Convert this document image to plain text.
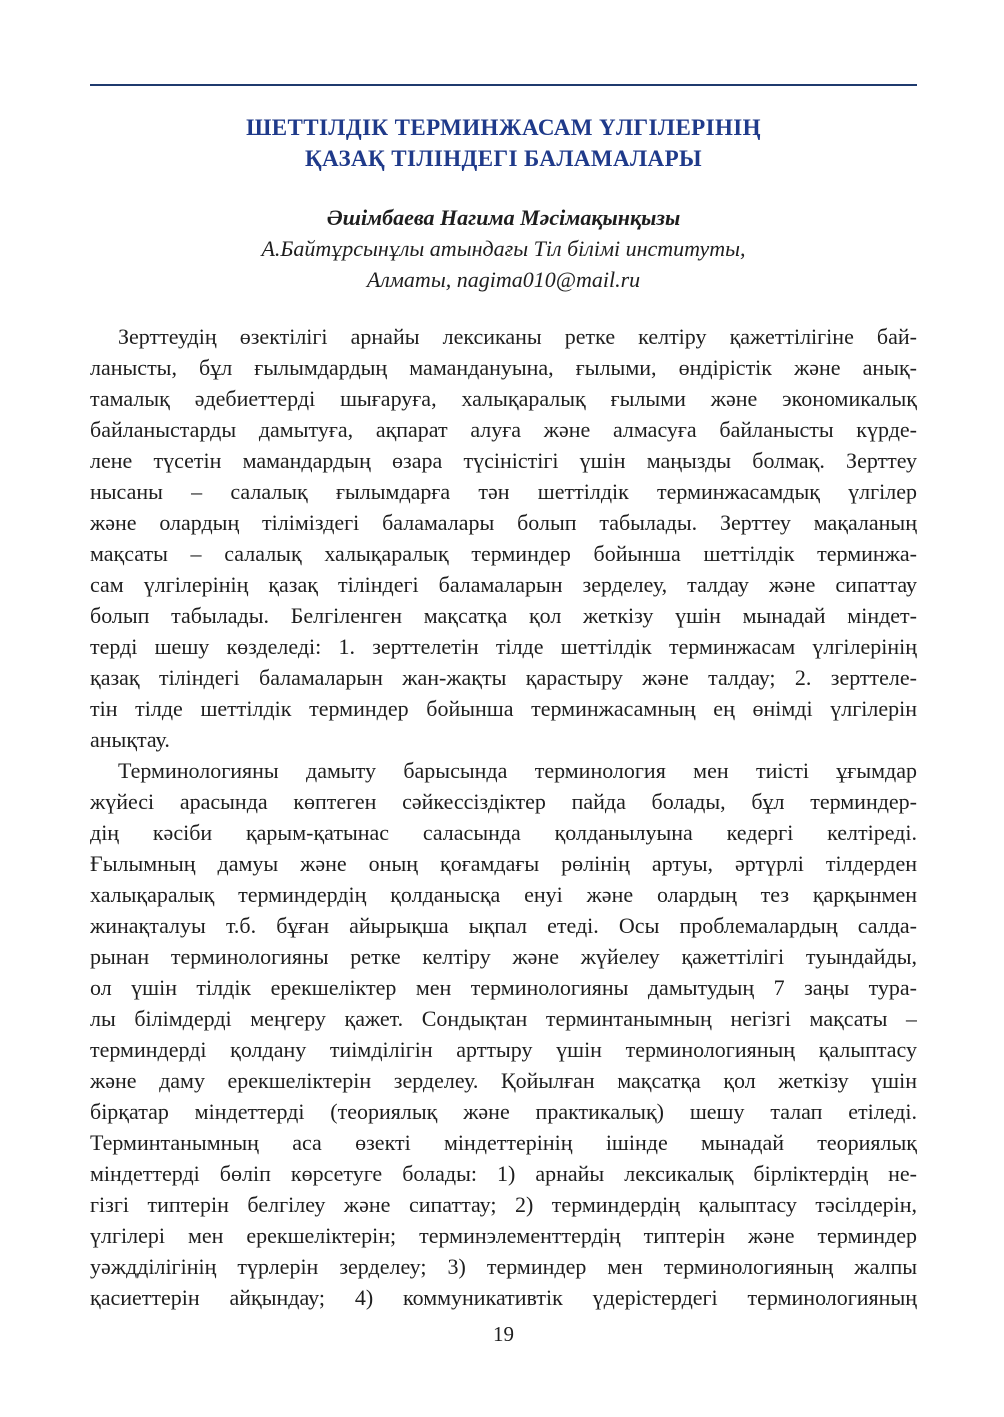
ШЕТТІЛДІК ТЕРМИНЖАСАМ ҮЛГІЛЕРІНІҢ
ҚАЗАҚ ТІЛІНДЕГІ БАЛАМАЛАРЫ
Әшімбаева Нагима Мәсімақынқызы
А.Байтұрсынұлы атындағы Тіл білімі институты,
Алматы, nagima010@mail.ru
Зерттеудің өзектілігі арнайы лексиканы ретке келтіру қажеттілігіне бай-
ланысты, бұл ғылымдардың мамандануына, ғылыми, өндірістік және анық-
тамалық әдебиеттерді шығаруға, халықаралық ғылыми және экономикалық
байланыстарды дамытуға, ақпарат алуға және алмасуға байланысты күрде-
лене түсетін мамандардың өзара түсіністігі үшін маңызды болмақ. Зерттеу
нысаны – салалық ғылымдарға тән шеттілдік терминжасамдық үлгілер
және олардың тіліміздегі баламалары болып табылады. Зерттеу мақаланың
мақсаты – салалық халықаралық терминдер бойынша шеттілдік терминжа-
сам үлгілерінің қазақ тіліндегі баламаларын зерделеу, талдау және сипаттау
болып табылады. Белгіленген мақсатқа қол жеткізу үшін мынадай міндет-
терді шешу көзделеді: 1. зерттелетін тілде шеттілдік терминжасам үлгілерінің
қазақ тіліндегі баламаларын жан-жақты қарастыру және талдау; 2. зерттеле-
тін тілде шеттілдік терминдер бойынша терминжасамның ең өнімді үлгілерін
анықтау.
Терминологияны дамыту барысында терминология мен тиісті ұғымдар
жүйесі арасында көптеген сәйкессіздіктер пайда болады, бұл терминдер-
дің кәсіби қарым-қатынас саласында қолданылуына кедергі келтіреді.
Ғылымның дамуы және оның қоғамдағы рөлінің артуы, әртүрлі тілдерден
халықаралық терминдердің қолданысқа енуі және олардың тез қарқынмен
жинақталуы т.б. бұған айырықша ықпал етеді. Осы проблемалардың салда-
рынан терминологияны ретке келтіру және жүйелеу қажеттілігі туындайды,
ол үшін тілдік ерекшеліктер мен терминологияны дамытудың 7 заңы тура-
лы білімдерді меңгеру қажет. Сондықтан терминтанымның негізгі мақсаты –
терминдерді қолдану тиімділігін арттыру үшін терминологияның қалыптасу
және даму ерекшеліктерін зерделеу. Қойылған мақсатқа қол жеткізу үшін
бірқатар міндеттерді (теориялық және практикалық) шешу талап етіледі.
Терминтанымның аса өзекті міндеттерінің ішінде мынадай теориялық
міндеттерді бөліп көрсетуге болады: 1) арнайы лексикалық бірліктердің не-
гізгі типтерін белгілеу және сипаттау; 2) терминдердің қалыптасу тәсілдерін,
үлгілері мен ерекшеліктерін; терминэлементтердің типтерін және терминдер
уәждділігінің түрлерін зерделеу; 3) терминдер мен терминологияның жалпы
қасиеттерін айқындау; 4) коммуникативтік үдерістердегі терминологияның
19
